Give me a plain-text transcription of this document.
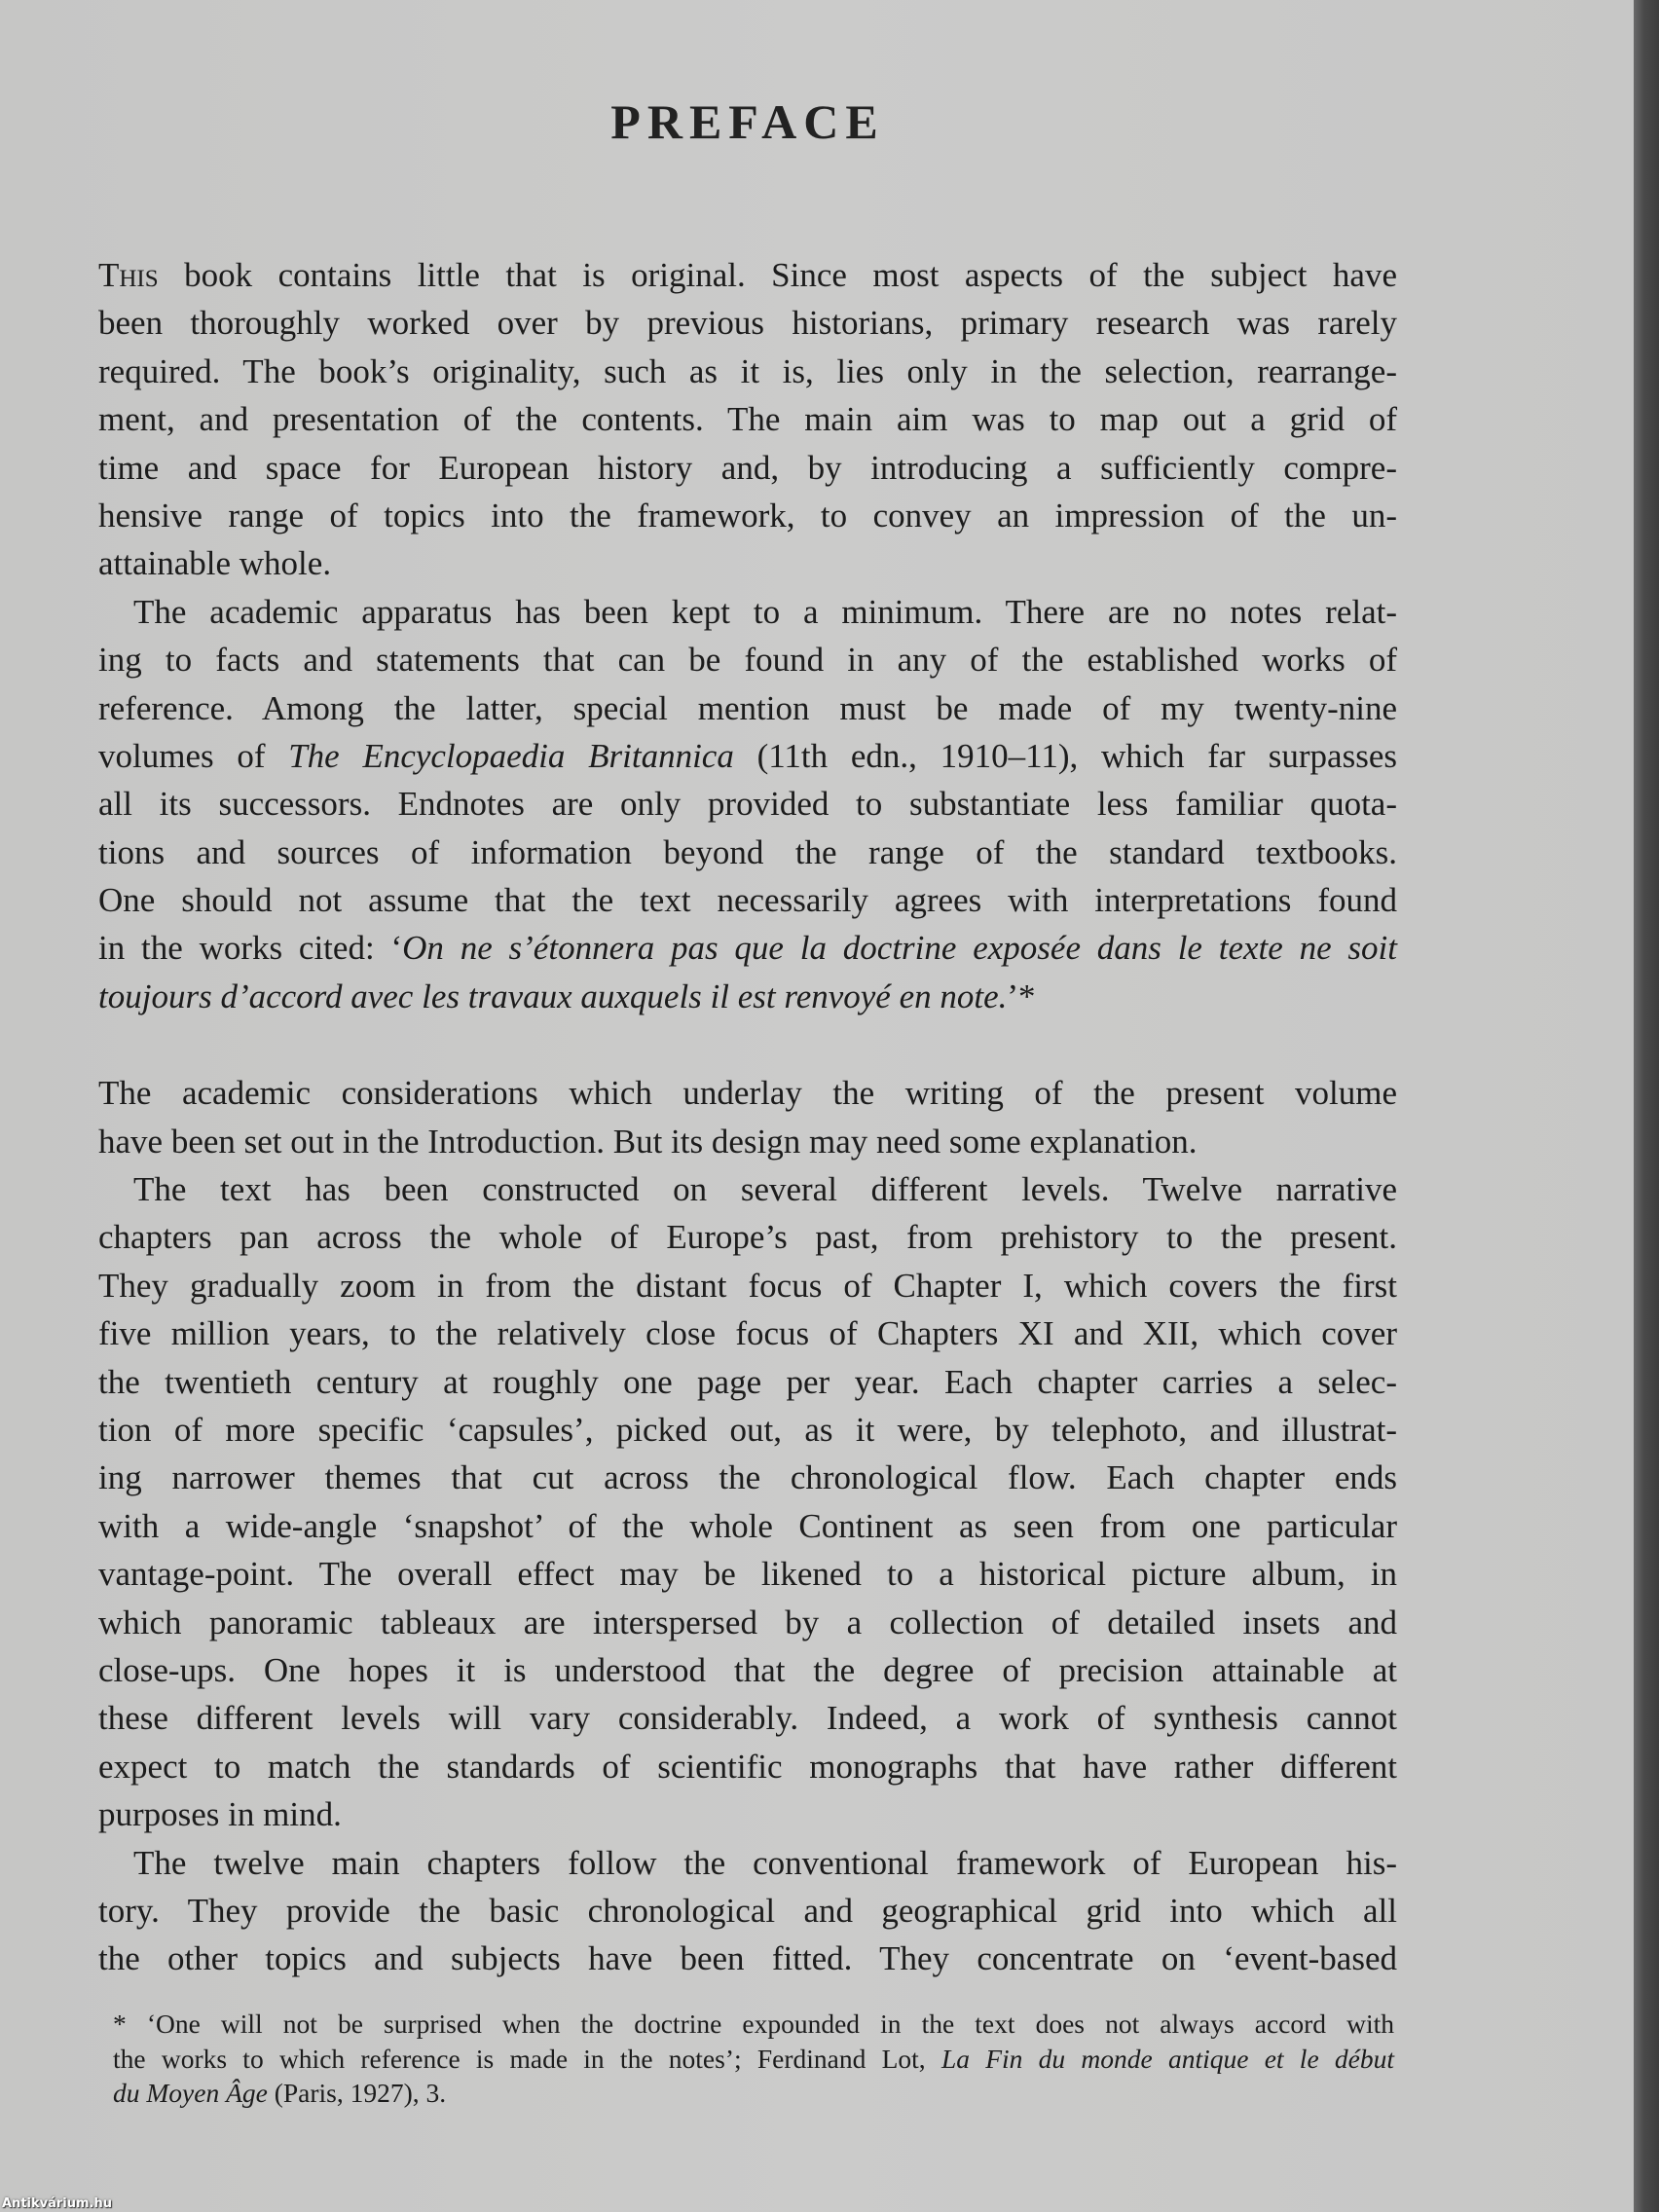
PREFACE
This book contains little that is original. Since most aspects of the subject have
been thoroughly worked over by previous historians, primary research was rarely
required. The book’s originality, such as it is, lies only in the selection, rearrange-
ment, and presentation of the contents. The main aim was to map out a grid of
time and space for European history and, by introducing a sufficiently compre-
hensive range of topics into the framework, to convey an impression of the un-
attainable whole.
The academic apparatus has been kept to a minimum. There are no notes relat-
ing to facts and statements that can be found in any of the established works of
reference. Among the latter, special mention must be made of my twenty-nine
volumes of The Encyclopaedia Britannica (11th edn., 1910–11), which far surpasses
all its successors. Endnotes are only provided to substantiate less familiar quota-
tions and sources of information beyond the range of the standard textbooks.
One should not assume that the text necessarily agrees with interpretations found
in the works cited: ‘On ne s’étonnera pas que la doctrine exposée dans le texte ne soit
toujours d’accord avec les travaux auxquels il est renvoyé en note.’*
The academic considerations which underlay the writing of the present volume
have been set out in the Introduction. But its design may need some explanation.
The text has been constructed on several different levels. Twelve narrative
chapters pan across the whole of Europe’s past, from prehistory to the present.
They gradually zoom in from the distant focus of Chapter I, which covers the first
five million years, to the relatively close focus of Chapters XI and XII, which cover
the twentieth century at roughly one page per year. Each chapter carries a selec-
tion of more specific ‘capsules’, picked out, as it were, by telephoto, and illustrat-
ing narrower themes that cut across the chronological flow. Each chapter ends
with a wide-angle ‘snapshot’ of the whole Continent as seen from one particular
vantage-point. The overall effect may be likened to a historical picture album, in
which panoramic tableaux are interspersed by a collection of detailed insets and
close-ups. One hopes it is understood that the degree of precision attainable at
these different levels will vary considerably. Indeed, a work of synthesis cannot
expect to match the standards of scientific monographs that have rather different
purposes in mind.
The twelve main chapters follow the conventional framework of European his-
tory. They provide the basic chronological and geographical grid into which all
the other topics and subjects have been fitted. They concentrate on ‘event-based
* ‘One will not be surprised when the doctrine expounded in the text does not always accord with
the works to which reference is made in the notes’; Ferdinand Lot, La Fin du monde antique et le début
du Moyen Âge (Paris, 1927), 3.
Antikvárium.hu
